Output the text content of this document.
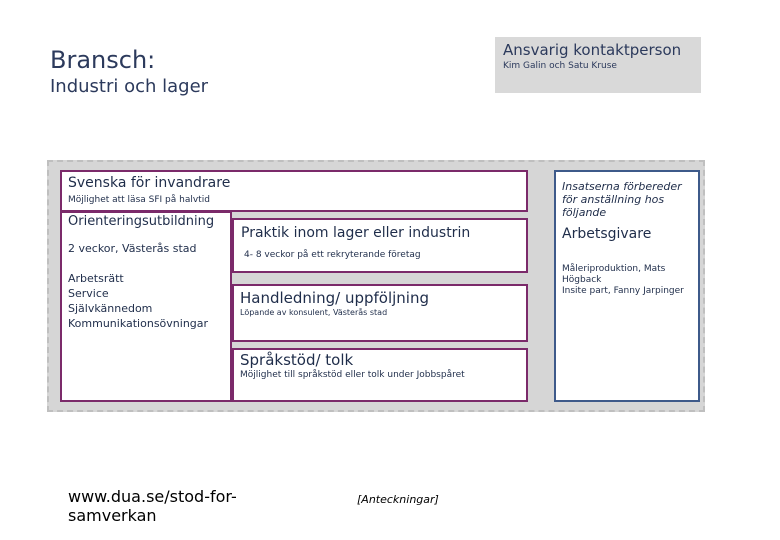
Bransch:
Industri och lager
Ansvarig kontaktperson
Kim Galin och Satu Kruse
Svenska för invandrare
Möjlighet att läsa SFI på halvtid
Orienteringsutbildning
2 veckor, Västerås stad
Arbetsrätt
Service
Självkännedom
Kommunikationsövningar
Praktik inom lager eller industrin
4- 8 veckor på ett rekryterande företag
Handledning/ uppföljning
Löpande av konsulent, Västerås stad
Språkstöd/ tolk
Möjlighet till språkstöd eller tolk under Jobbspåret
Insatserna förbereder för anställning hos följande
Arbetsgivare
Måleriproduktion, Mats
Högback
Insite part, Fanny Jarpinger
www.dua.se/stod-for-samverkan
[Anteckningar]
